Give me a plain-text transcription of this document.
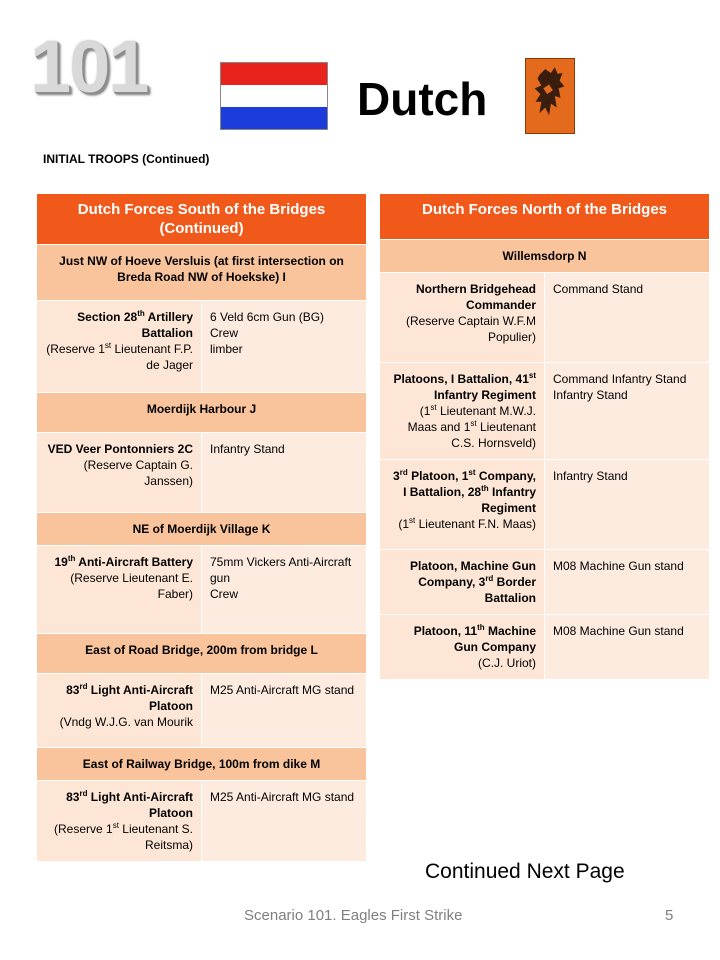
101	Dutch
INITIAL TROOPS (Continued)
Dutch Forces South of the Bridges (Continued)	
Just NW of Hoeve Versluis (at first intersection on Breda Road NW of Hoekske) I	
Section 28th Artillery Battalion
(Reserve 1st Lieutenant F.P. de Jager	6 Veld 6cm Gun (BG)
Crew
limber
Moerdijk Harbour J	
VED Veer Pontonniers 2C
(Reserve Captain G. Janssen)	Infantry Stand
NE of Moerdijk Village K	
19th Anti-Aircraft Battery
(Reserve Lieutenant E. Faber)	75mm Vickers Anti-Aircraft gun
Crew
East of Road Bridge, 200m from bridge L	
83rd Light Anti-Aircraft Platoon
(Vndg W.J.G. van Mourik	M25 Anti-Aircraft MG stand
East of Railway Bridge, 100m from dike M	
83rd Light Anti-Aircraft Platoon
(Reserve 1st Lieutenant S. Reitsma)	M25 Anti-Aircraft MG stand
Dutch Forces North of the Bridges	
Willemsdorp N	
Northern Bridgehead Commander
(Reserve Captain W.F.M Populier)	Command Stand
Platoons, I Battalion, 41st Infantry Regiment
(1st Lieutenant M.W.J. Maas and 1st Lieutenant C.S. Hornsveld)	Command Infantry Stand
Infantry Stand
3rd Platoon, 1st Company, I Battalion, 28th Infantry Regiment
(1st Lieutenant F.N. Maas)	Infantry Stand
Platoon, Machine Gun Company, 3rd Border Battalion	M08 Machine Gun stand
Platoon, 11th Machine Gun Company
(C.J. Uriot)	M08 Machine Gun stand
Continued Next Page
Scenario 101. Eagles First Strike	5
